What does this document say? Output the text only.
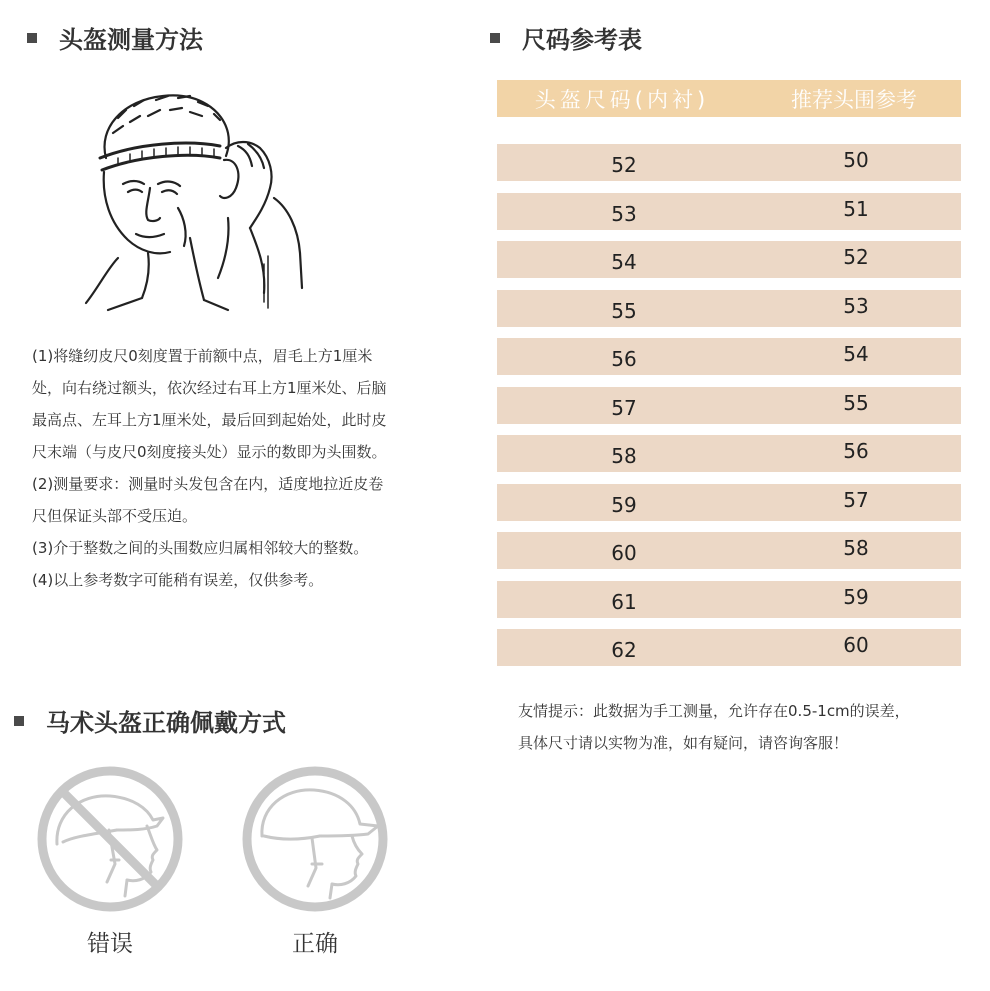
头盔测量方法

(1)将缝纫皮尺0刻度置于前额中点，眉毛上方1厘米处，向右绕过额头，依次经过右耳上方1厘米处、后脑最高点、左耳上方1厘米处，最后回到起始处，此时皮尺末端（与皮尺0刻度接头处）显示的数即为头围数。

(2)测量要求：测量时头发包含在内，适度地拉近皮卷尺但保证头部不受压迫。

(3)介于整数之间的头围数应归属相邻较大的整数。

(4)以上参考数字可能稍有误差，仅供参考。

尺码参考表
头盔尺码(内衬)	推荐头围参考
52	50
53	51
54	52
55	53
56	54
57	55
58	56
59	57
60	58
61	59
62	60

友情提示：此数据为手工测量，允许存在0.5-1cm的误差，

具体尺寸请以实物为准，如有疑问，请咨询客服！

马术头盔正确佩戴方式
错误	正确
